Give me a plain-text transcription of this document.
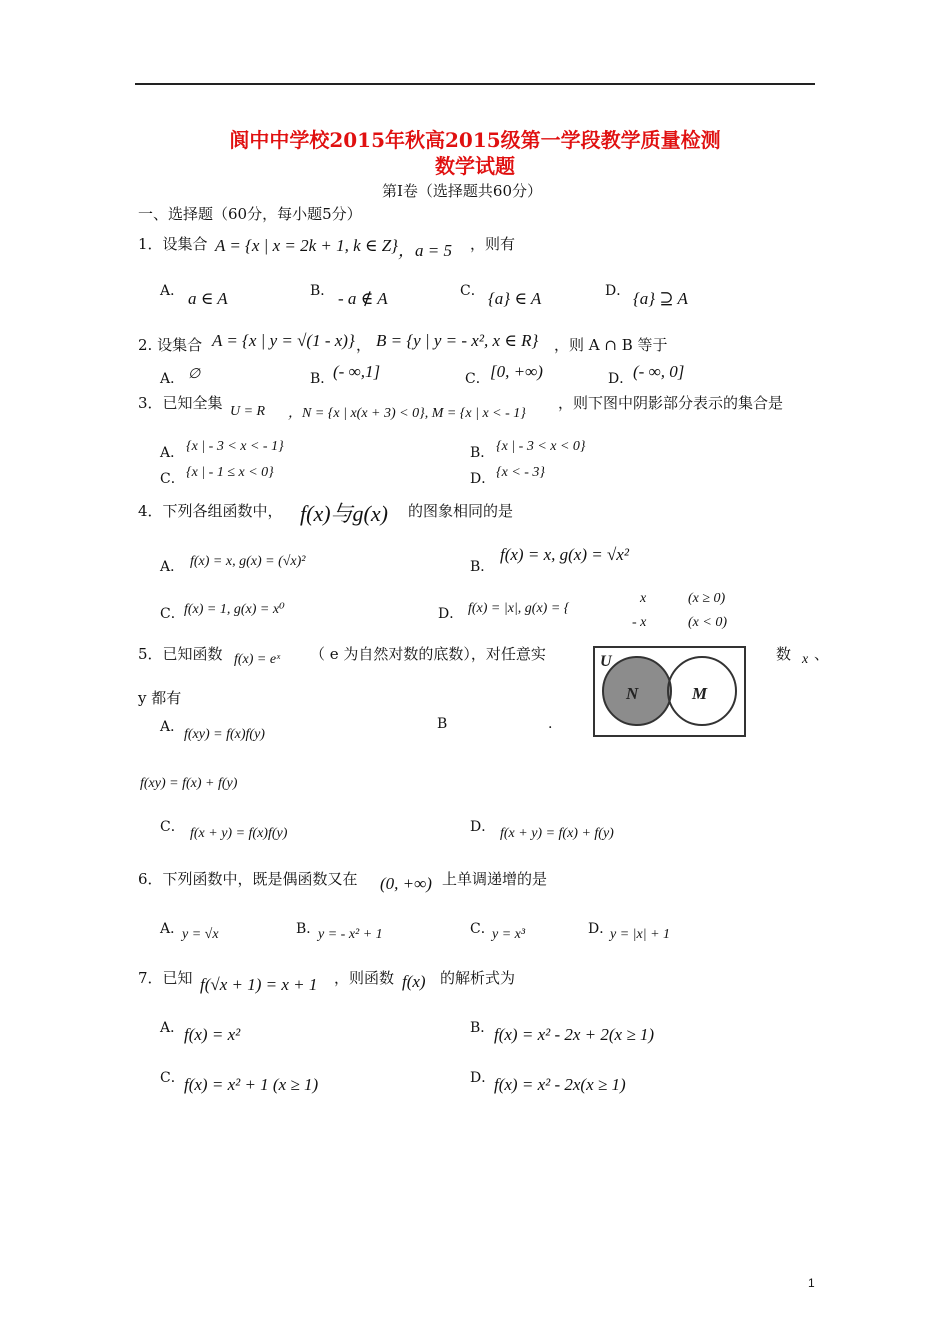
阆中中学校2015年秋高2015级第一学段教学质量检测
数学试题
第Ⅰ卷（选择题共60分）
一、选择题（60分，每小题5分）
1．设集合 A = {x | x = 2k + 1, k ∈ Z} ，a = 5 ，则有
A． a ∈ A	B． - a ∉ A	C． {a} ∈ A	D． {a} ⊇ A
2. 设集合 A = {x | y = √(1 - x)} ， B = {y | y = - x², x ∈ R} ，则 A ∩ B 等于
A． ∅	B．
(- ∞,1]	C． [0, +∞)	D． (- ∞, 0]
3．已知全集 U = R ，N = {x | x(x + 3) < 0}, M = {x | x < - 1}
，则下图中阴影部分表示的集合是
A． {x | - 3 < x < - 1}	B． {x | - 3 < x < 0}
C． {x | - 1 ≤ x < 0}	D． {x < - 3}
4．下列各组函数中， f(x)与g(x) 的图象相同的是
A． f(x) = x, g(x) = (√x)²	B．
f(x) = x, g(x) = √x²
C． f(x) = 1, g(x) = x⁰	D． f(x) = |x|, g(x) = {
x	(x ≥ 0)
- x	(x < 0)
5．已知函数 f(x) = eˣ （ e 为自然对数的底数），对任意实	数 x 、
y 都有
A． f(xy) = f(x)f(y)
B	.
f(xy) = f(x) + f(y)
C． f(x + y) = f(x)f(y)	D． f(x + y) = f(x) + f(y)
U
N	M
6．下列函数中，既是偶函数又在 (0, +∞) 上单调递增的是
A．
y = √x	B．
y = - x² + 1	C．
y = x³	D．
y = |x| + 1
7．已知 f(√x + 1) = x + 1 ，则函数 f(x) 的解析式为
A． f(x) = x²	B． f(x) = x² - 2x + 2(x ≥ 1)
C． f(x) = x² + 1 (x ≥ 1)	D．
f(x) = x² - 2x(x ≥ 1)
1
